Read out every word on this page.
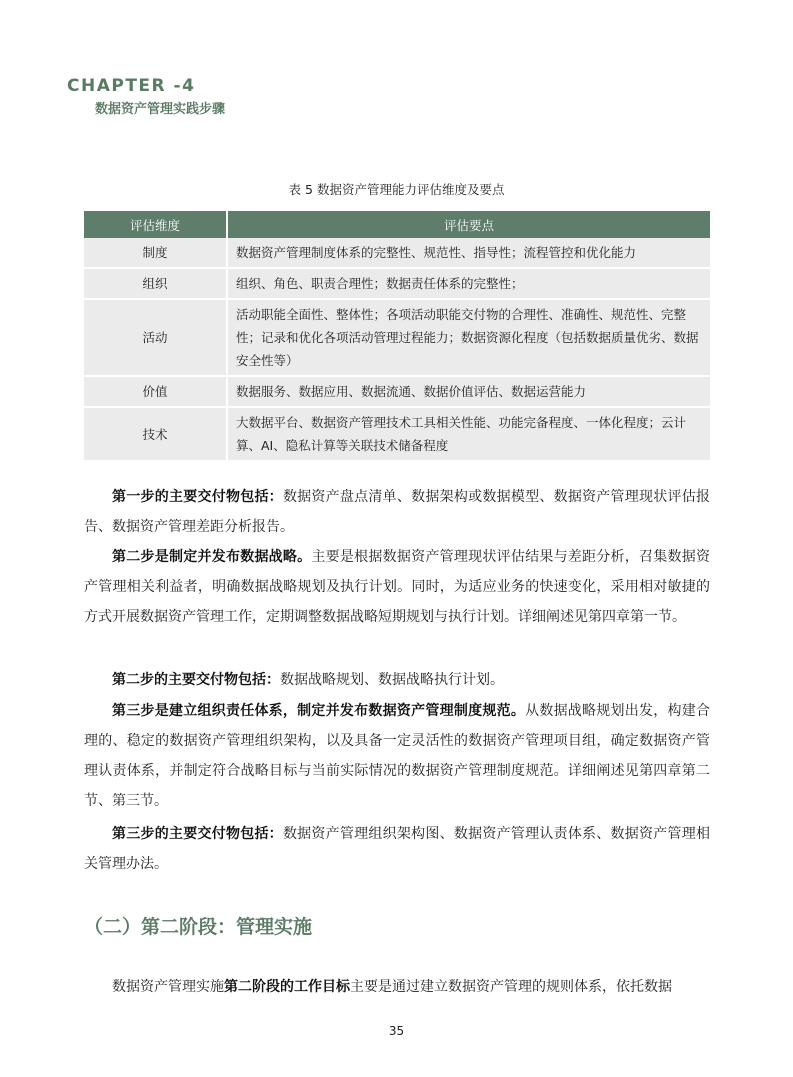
CHAPTER -4
数据资产管理实践步骤
表 5 数据资产管理能力评估维度及要点
评估维度	评估要点
制度	数据资产管理制度体系的完整性、规范性、指导性；流程管控和优化能力
组织	组织、角色、职责合理性；数据责任体系的完整性；
活动	活动职能全面性、整体性；各项活动职能交付物的合理性、准确性、规范性、完整性；记录和优化各项活动管理过程能力；数据资源化程度（包括数据质量优劣、数据安全性等）
价值	数据服务、数据应用、数据流通、数据价值评估、数据运营能力
技术	大数据平台、数据资产管理技术工具相关性能、功能完备程度、一体化程度；云计算、AI、隐私计算等关联技术储备程度

第一步的主要交付物包括：数据资产盘点清单、数据架构或数据模型、数据资产管理现状评估报告、数据资产管理差距分析报告。

第二步是制定并发布数据战略。主要是根据数据资产管理现状评估结果与差距分析，召集数据资产管理相关利益者，明确数据战略规划及执行计划。同时，为适应业务的快速变化，采用相对敏捷的方式开展数据资产管理工作，定期调整数据战略短期规划与执行计划。详细阐述见第四章第一节。

第二步的主要交付物包括：数据战略规划、数据战略执行计划。

第三步是建立组织责任体系，制定并发布数据资产管理制度规范。从数据战略规划出发，构建合理的、稳定的数据资产管理组织架构，以及具备一定灵活性的数据资产管理项目组，确定数据资产管理认责体系，并制定符合战略目标与当前实际情况的数据资产管理制度规范。详细阐述见第四章第二节、第三节。

第三步的主要交付物包括：数据资产管理组织架构图、数据资产管理认责体系、数据资产管理相关管理办法。

（二）第二阶段：管理实施

数据资产管理实施第二阶段的工作目标主要是通过建立数据资产管理的规则体系，依托数据

35
